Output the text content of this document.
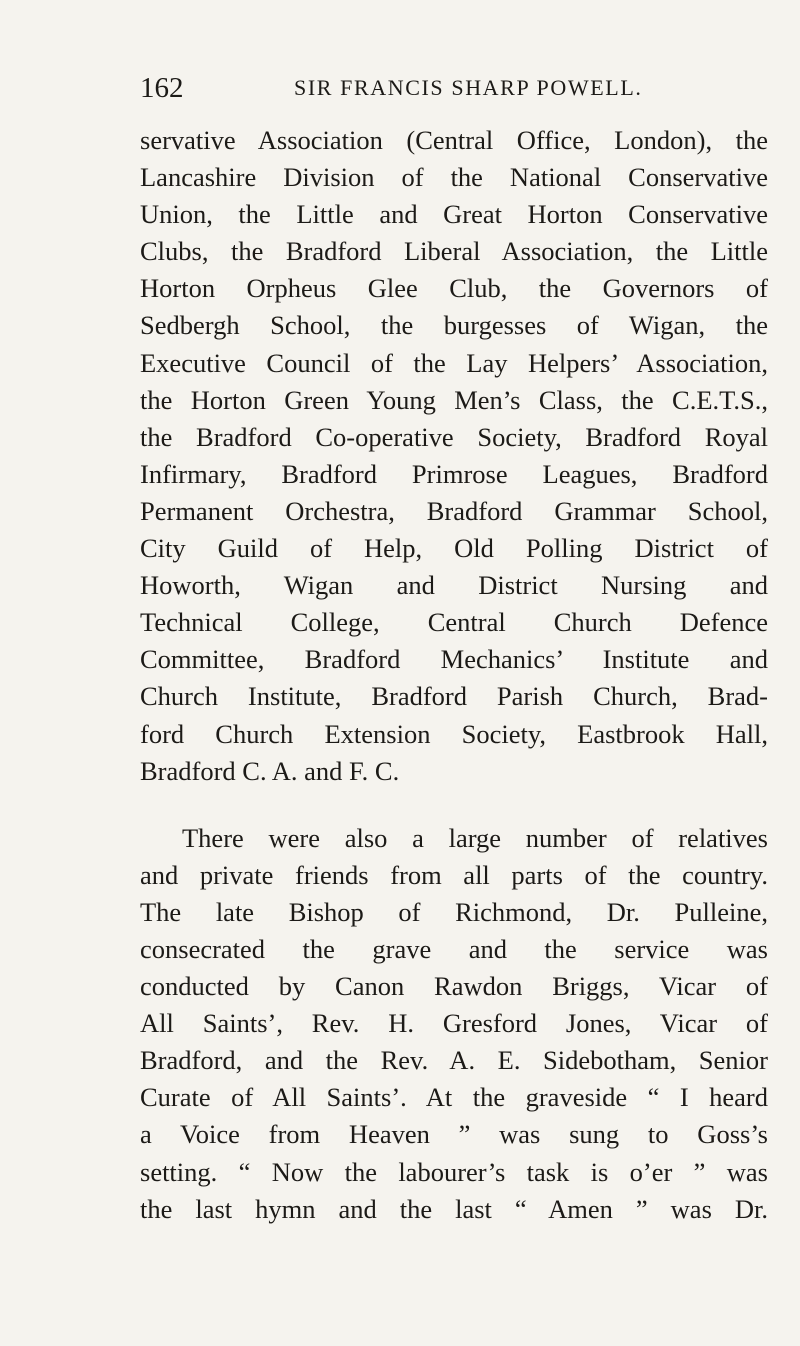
162	SIR FRANCIS SHARP POWELL.
servative Association (Central Office, London), the
Lancashire Division of the National Conservative
Union, the Little and Great Horton Conservative
Clubs, the Bradford Liberal Association, the Little
Horton Orpheus Glee Club, the Governors of
Sedbergh School, the burgesses of Wigan, the
Executive Council of the Lay Helpers’ Association,
the Horton Green Young Men’s Class, the C.E.T.S.,
the Bradford Co-operative Society, Bradford Royal
Infirmary, Bradford Primrose Leagues, Bradford
Permanent Orchestra, Bradford Grammar School,
City Guild of Help, Old Polling District of
Howorth, Wigan and District Nursing and
Technical College, Central Church Defence
Committee, Bradford Mechanics’ Institute and
Church Institute, Bradford Parish Church, Brad-
ford Church Extension Society, Eastbrook Hall,
Bradford C. A. and F. C.
There were also a large number of relatives
and private friends from all parts of the country.
The late Bishop of Richmond, Dr. Pulleine,
consecrated the grave and the service was
conducted by Canon Rawdon Briggs, Vicar of
All Saints’, Rev. H. Gresford Jones, Vicar of
Bradford, and the Rev. A. E. Sidebotham, Senior
Curate of All Saints’. At the graveside “ I heard
a Voice from Heaven ” was sung to Goss’s
setting. “ Now the labourer’s task is o’er ” was
the last hymn and the last “ Amen ” was Dr.
